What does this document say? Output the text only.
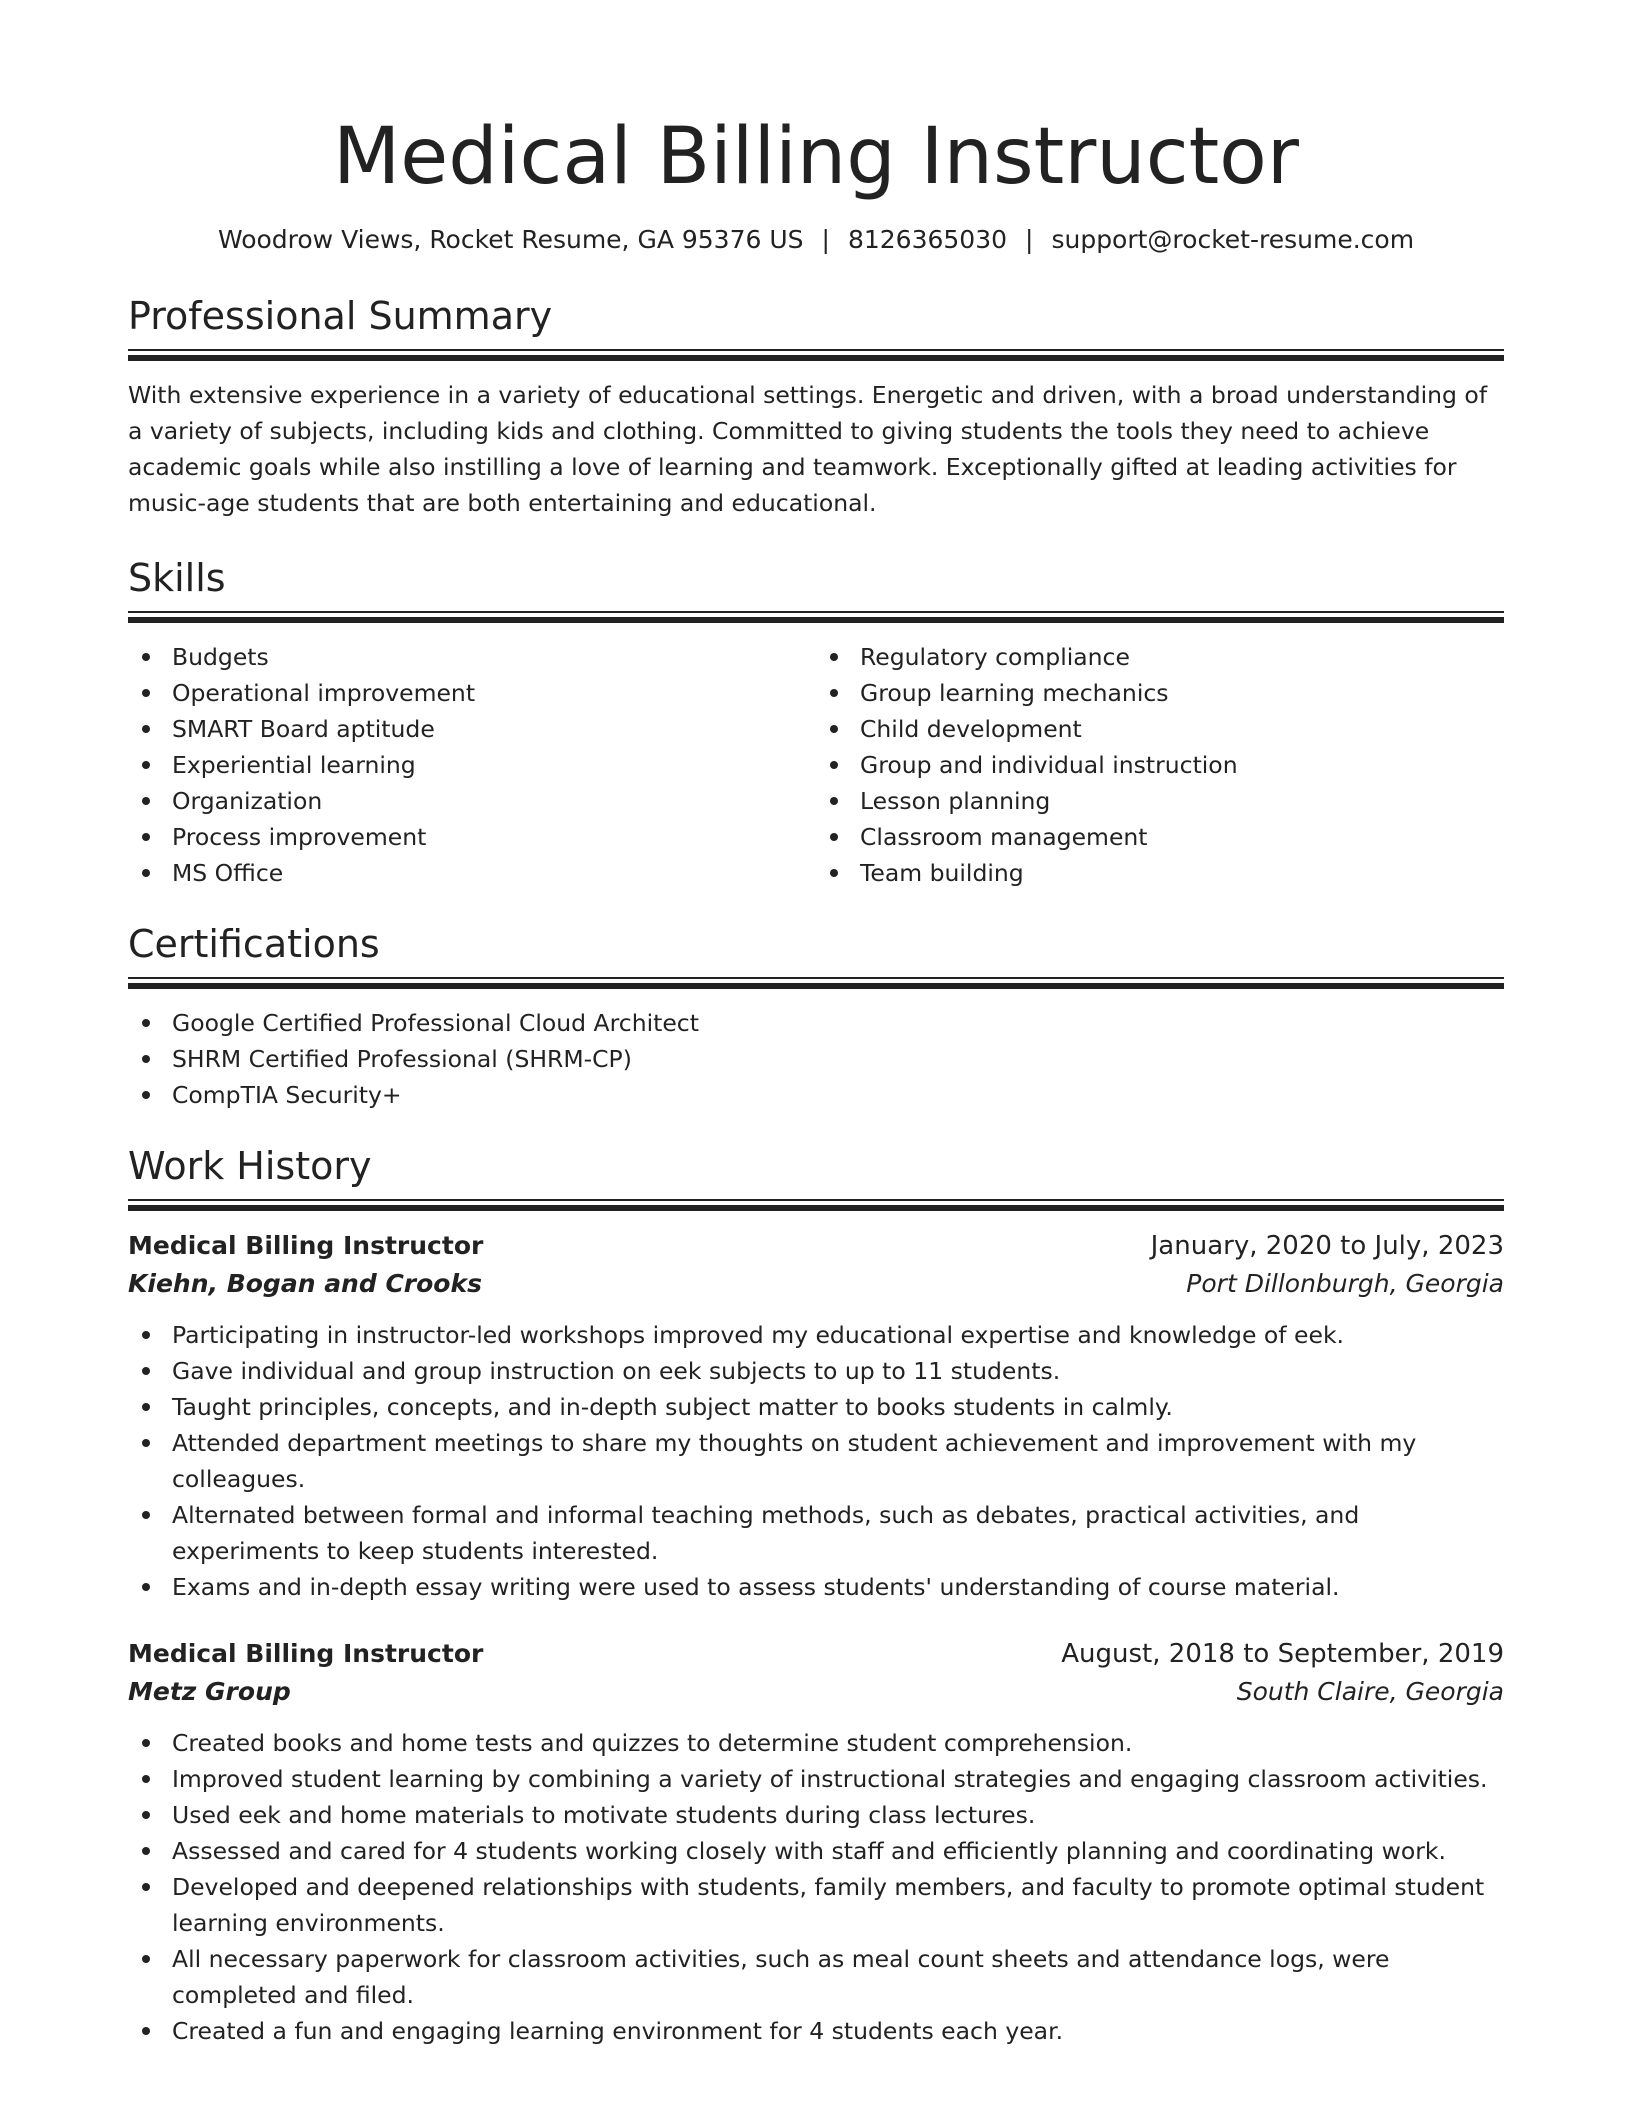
Medical Billing Instructor
Woodrow Views, Rocket Resume, GA 95376 US | 8126365030 | support@rocket-resume.com
Professional Summary
With extensive experience in a variety of educational settings. Energetic and driven, with a broad understanding of a variety of subjects, including kids and clothing. Committed to giving students the tools they need to achieve academic goals while also instilling a love of learning and teamwork. Exceptionally gifted at leading activities for music-age students that are both entertaining and educational.
Skills
Budgets
Operational improvement
SMART Board aptitude
Experiential learning
Organization
Process improvement
MS Office
Regulatory compliance
Group learning mechanics
Child development
Group and individual instruction
Lesson planning
Classroom management
Team building
Certifications
Google Certified Professional Cloud Architect
SHRM Certified Professional (SHRM-CP)
CompTIA Security+
Work History
Medical Billing Instructor	January, 2020 to July, 2023
Kiehn, Bogan and Crooks	Port Dillonburgh, Georgia
Participating in instructor-led workshops improved my educational expertise and knowledge of eek.
Gave individual and group instruction on eek subjects to up to 11 students.
Taught principles, concepts, and in-depth subject matter to books students in calmly.
Attended department meetings to share my thoughts on student achievement and improvement with my colleagues.
Alternated between formal and informal teaching methods, such as debates, practical activities, and experiments to keep students interested.
Exams and in-depth essay writing were used to assess students' understanding of course material.
Medical Billing Instructor	August, 2018 to September, 2019
Metz Group	South Claire, Georgia
Created books and home tests and quizzes to determine student comprehension.
Improved student learning by combining a variety of instructional strategies and engaging classroom activities.
Used eek and home materials to motivate students during class lectures.
Assessed and cared for 4 students working closely with staff and efficiently planning and coordinating work.
Developed and deepened relationships with students, family members, and faculty to promote optimal student learning environments.
All necessary paperwork for classroom activities, such as meal count sheets and attendance logs, were completed and filed.
Created a fun and engaging learning environment for 4 students each year.
